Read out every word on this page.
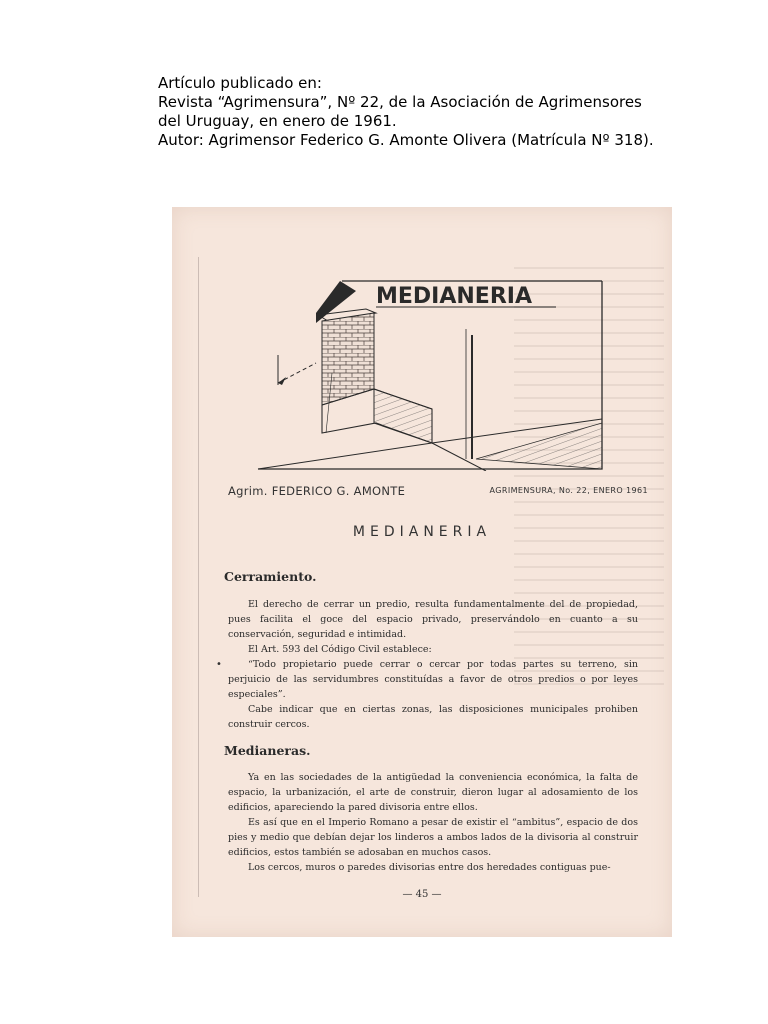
Artículo publicado en:
Revista “Agrimensura”, Nº 22, de la Asociación de Agrimensores
del Uruguay, en enero de 1961.
Autor: Agrimensor Federico G. Amonte Olivera (Matrícula Nº 318).
•
MEDIANERIA
Agrim. FEDERICO G. AMONTE	AGRIMENSURA, No. 22, ENERO 1961
MEDIANERIA
Cerramiento.

El derecho de cerrar un predio, resulta fundamentalmente del de propiedad, pues facilita el goce del espacio privado, preservándolo en cuanto a su conservación, seguridad e intimidad.

El Art. 593 del Código Civil establece:

“Todo propietario puede cerrar o cercar por todas partes su terreno, sin perjuicio de las servidumbres constituídas a favor de otros predios o por leyes especiales”.

Cabe indicar que en ciertas zonas, las disposiciones municipales prohiben construir cercos.

Medianeras.

Ya en las sociedades de la antigüedad la conveniencia económica, la falta de espacio, la urbanización, el arte de construir, dieron lugar al adosamiento de los edificios, apareciendo la pared divisoria entre ellos.

Es así que en el Imperio Romano a pesar de existir el “ambitus”, espacio de dos pies y medio que debían dejar los linderos a ambos lados de la divisoria al construir edificios, estos también se adosaban en muchos casos.

Los cercos, muros o paredes divisorias entre dos heredades contiguas pue-

— 45 —
